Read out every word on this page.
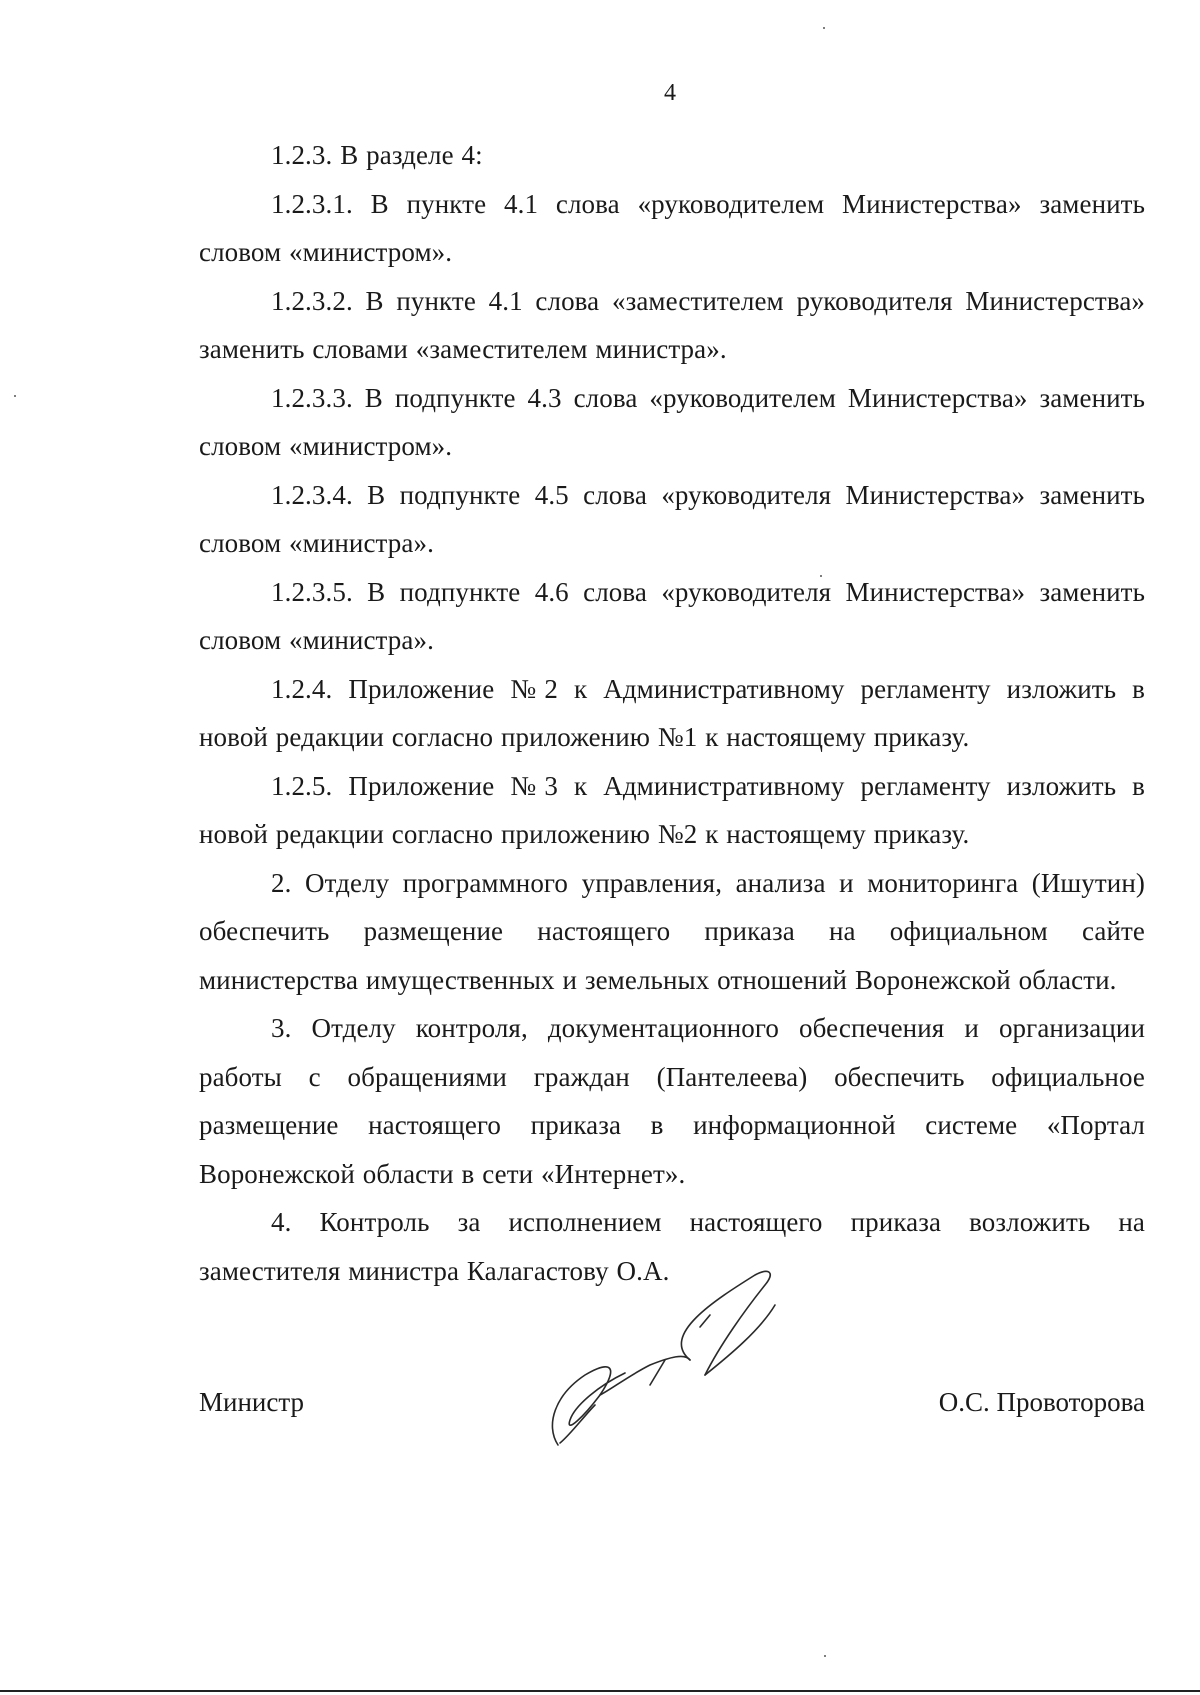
4

1.2.3. В разделе 4:

1.2.3.1. В пункте 4.1 слова «руководителем Министерства» заменить словом «министром».

1.2.3.2. В пункте 4.1 слова «заместителем руководителя Министерства» заменить словами «заместителем министра».

1.2.3.3. В подпункте 4.3 слова «руководителем Министерства» заменить словом «министром».

1.2.3.4. В подпункте 4.5 слова «руководителя Министерства» заменить словом «министра».

1.2.3.5. В подпункте 4.6 слова «руководителя Министерства» заменить словом «министра».

1.2.4. Приложение №2 к Административному регламенту изложить в новой редакции согласно приложению №1 к настоящему приказу.

1.2.5. Приложение №3 к Административному регламенту изложить в новой редакции согласно приложению №2 к настоящему приказу.

2. Отделу программного управления, анализа и мониторинга (Ишутин) обеспечить размещение настоящего приказа на официальном сайте министерства имущественных и земельных отношений Воронежской области.

3. Отделу контроля, документационного обеспечения и организации работы с обращениями граждан (Пантелеева) обеспечить официальное размещение настоящего приказа в информационной системе «Портал Воронежской области в сети «Интернет».

4. Контроль за исполнением настоящего приказа возложить на заместителя министра Калагастову О.А.

Министр	О.С. Провоторова
